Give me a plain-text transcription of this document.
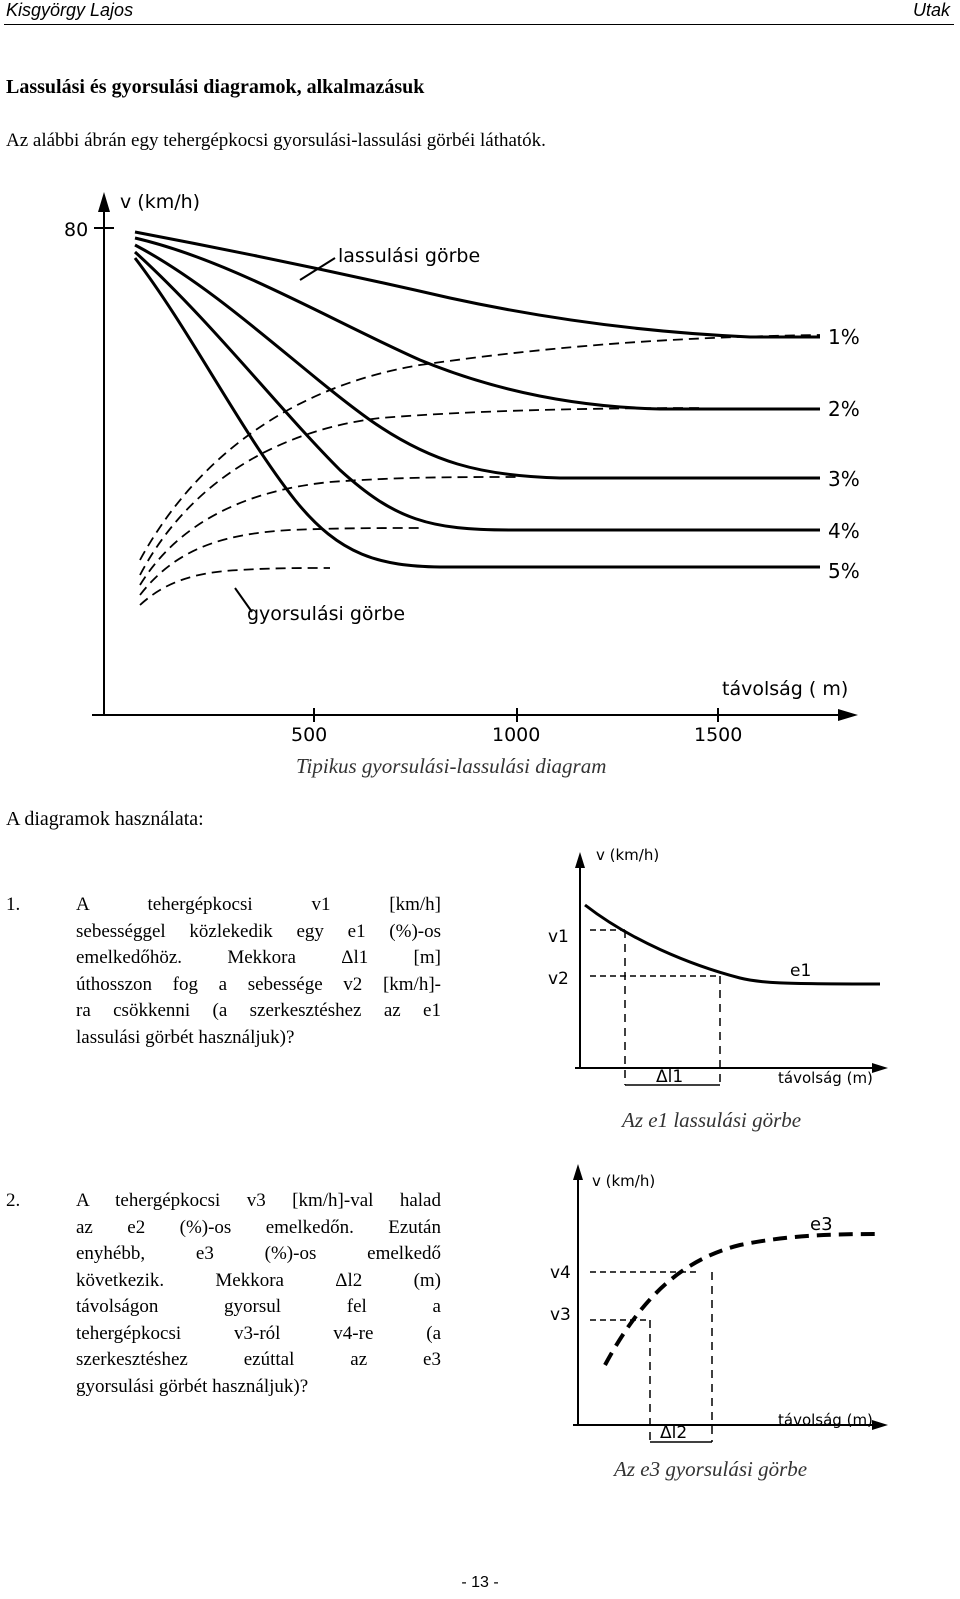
Kisgyörgy Lajos	Utak
Lassulási és gyorsulási diagramok, alkalmazásuk
Az alábbi ábrán egy tehergépkocsi gyorsulási-lassulási görbéi láthatók.
v (km/h)
80
távolság ( m)
500	1000	1500
lassulási görbe
gyorsulási görbe
1%
2%
3%
4%
5%
Tipikus gyorsulási-lassulási diagram
A diagramok használata:
1.	A tehergépkocsi v1 [km/h]
sebességgel közlekedik egy e1 (%)-os
emelkedőhöz. Mekkora Δl1 [m]
úthosszon fog a sebessége v2 [km/h]-
ra csökkenni (a szerkesztéshez az e1
lassulási görbét használjuk)?
v (km/h)
v1
v2	e1
Δl1	távolság (m)
Az e1 lassulási görbe
2.	A tehergépkocsi v3 [km/h]-val halad
az e2 (%)-os emelkedőn. Ezután
enyhébb, e3 (%)-os emelkedő
következik. Mekkora Δl2 (m)
távolságon gyorsul fel a
tehergépkocsi v3-ról v4-re (a
szerkesztéshez ezúttal az e3
gyorsulási görbét használjuk)?
v (km/h)
v4
v3
e3
Δl2
távolság (m)
Az e3 gyorsulási görbe
- 13 -
